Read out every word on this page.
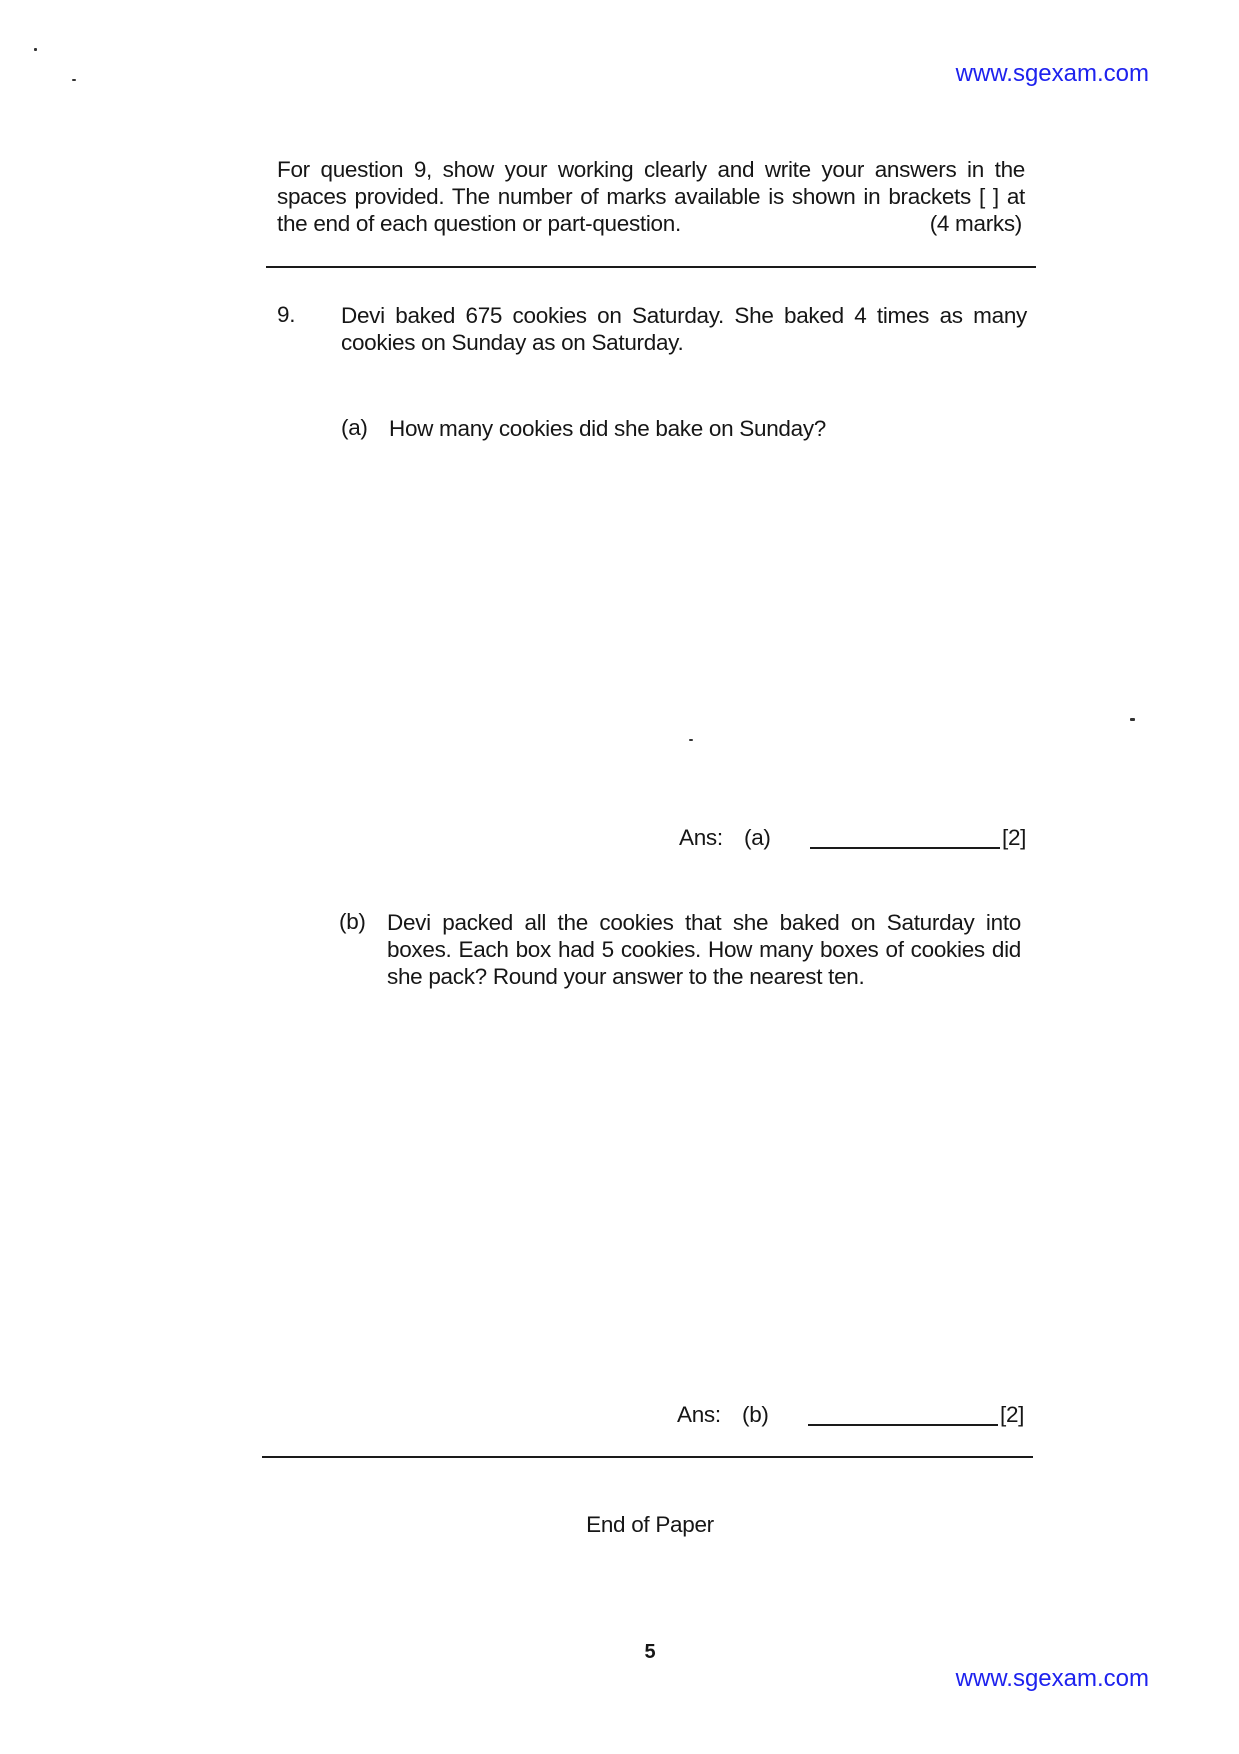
www.sgexam.com
www.sgexam.com
For question 9, show your working clearly and write your answers in the spaces provided. The number of marks available is shown in brackets [ ] at
the end of each question or part-question.	(4 marks)
9. Devi baked 675 cookies on Saturday. She baked 4 times as many cookies on Sunday as on Saturday.
(a) How many cookies did she bake on Sunday?
Ans: (a)	[2]
(b) Devi packed all the cookies that she baked on Saturday into boxes. Each box had 5 cookies. How many boxes of cookies did she pack? Round your answer to the nearest ten.
Ans: (b)	[2]
End of Paper
5
